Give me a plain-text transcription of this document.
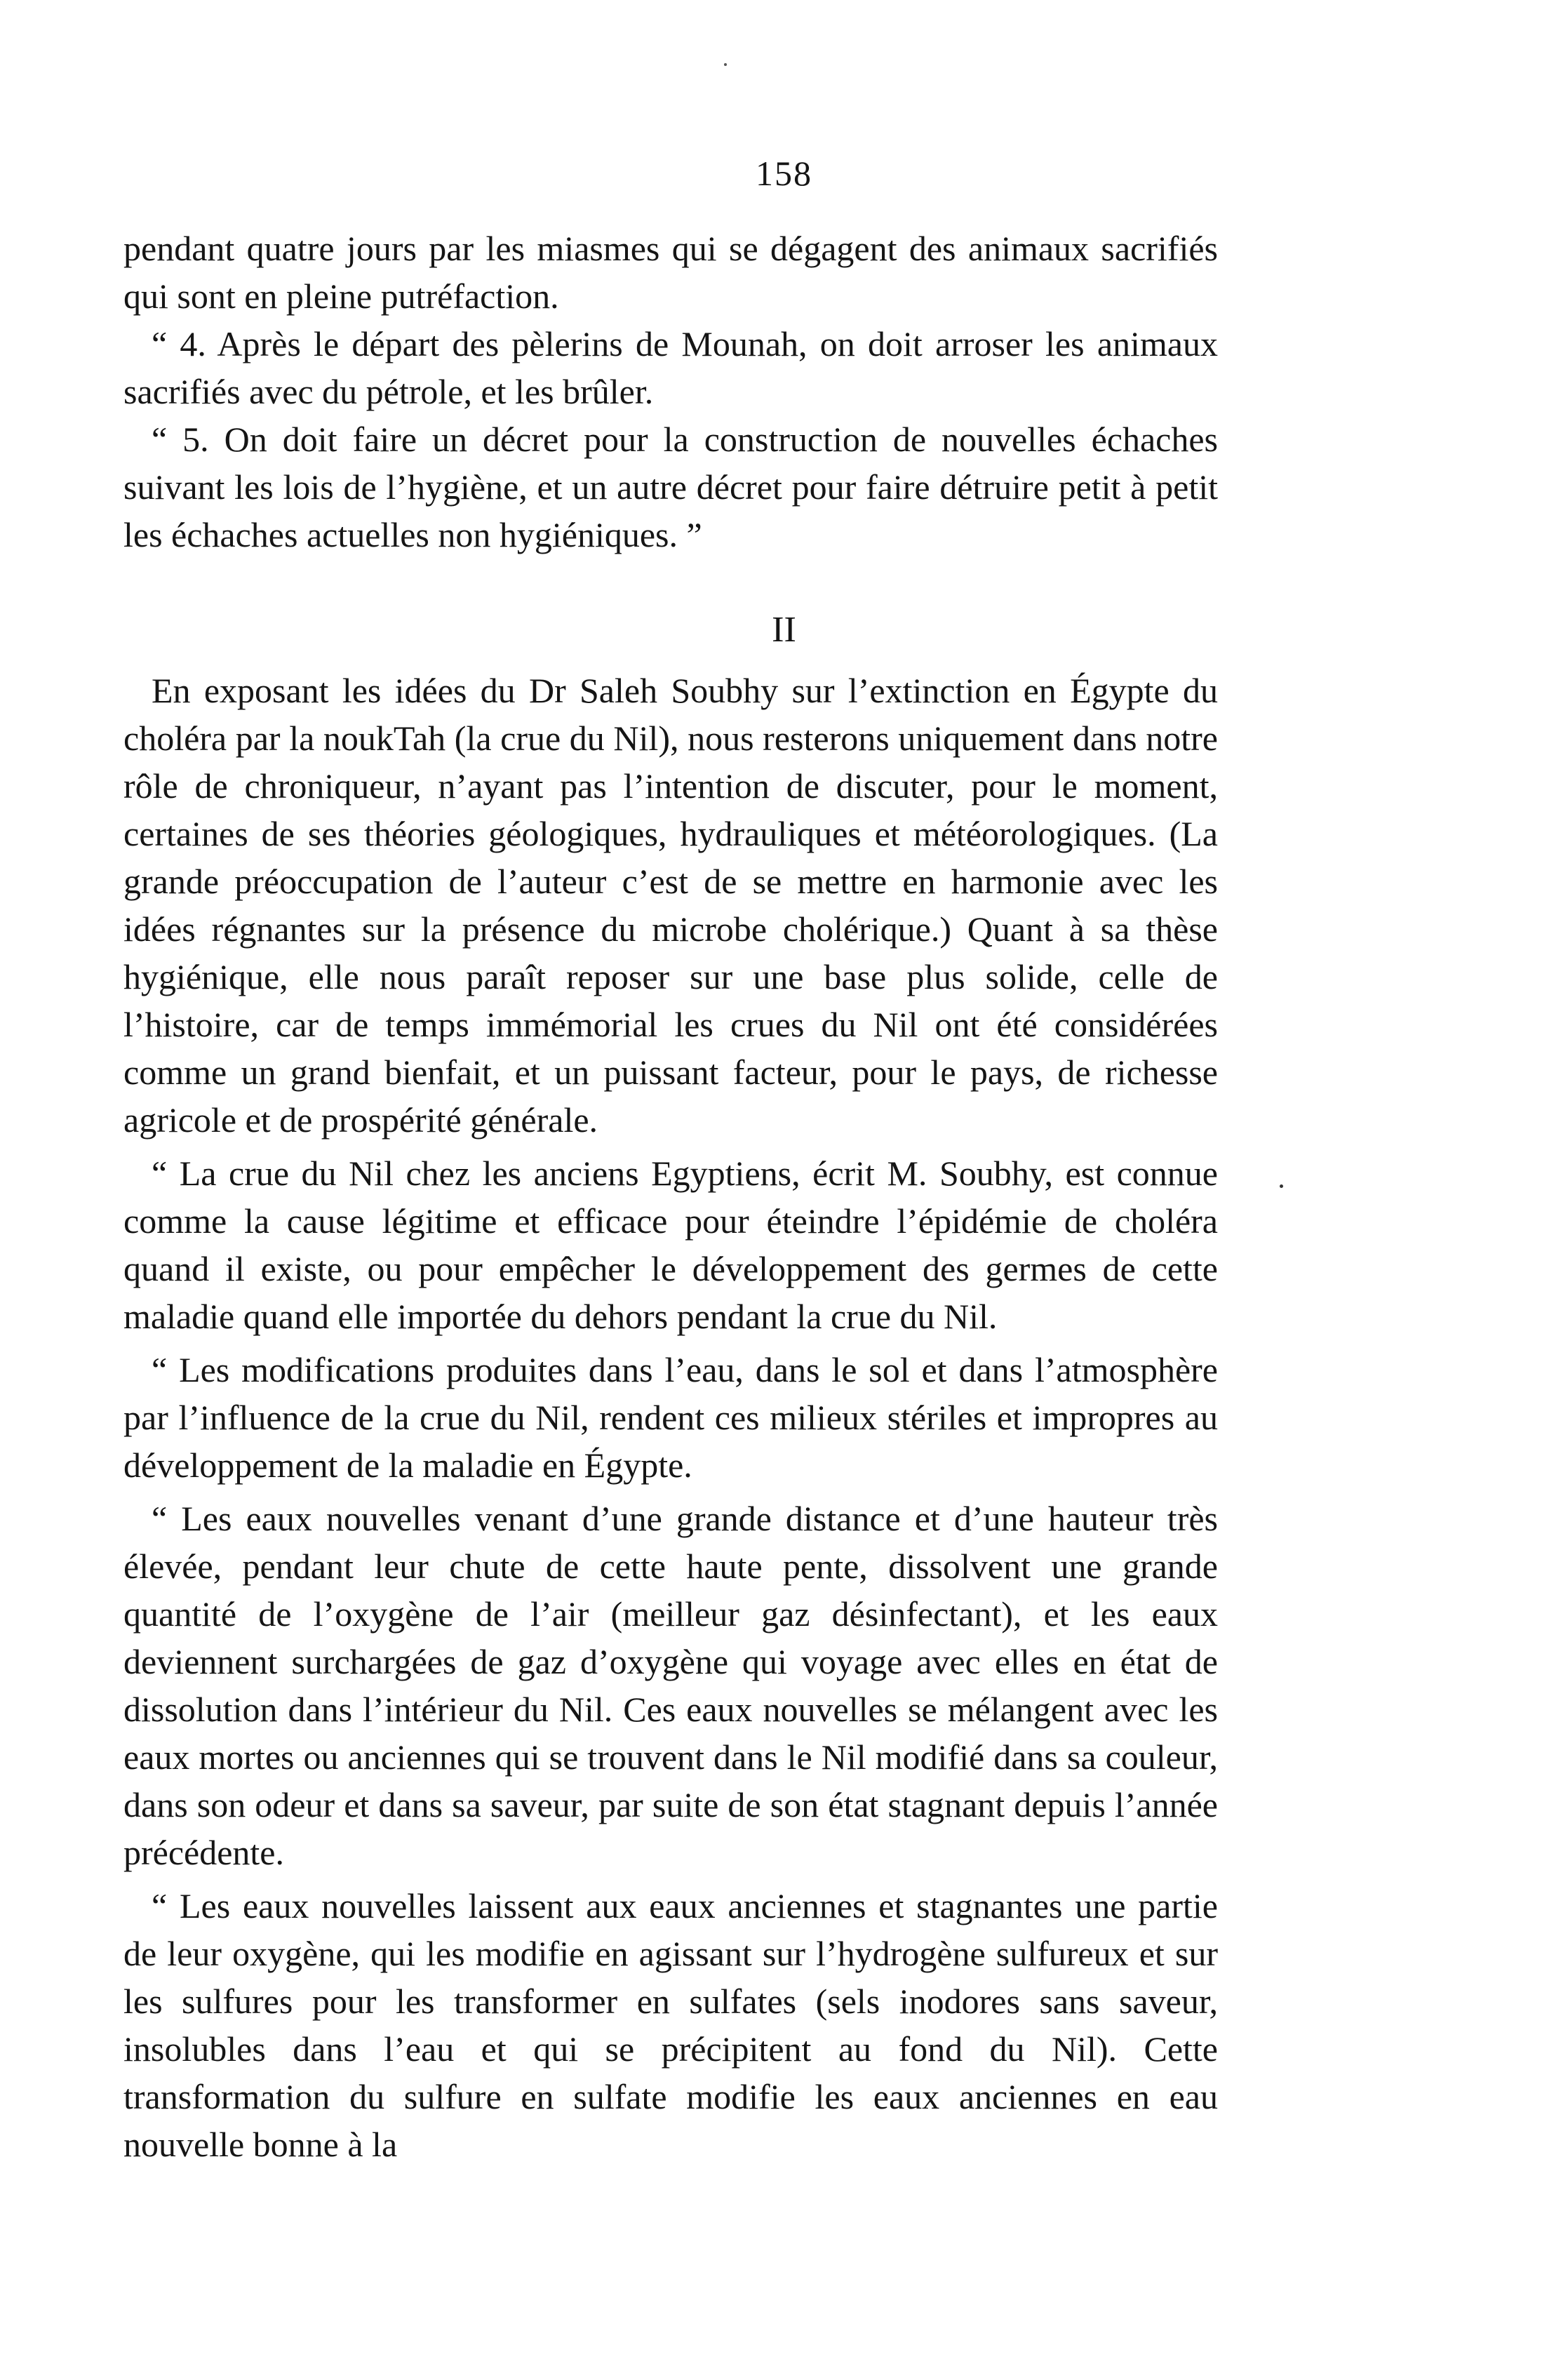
158

pendant quatre jours par les miasmes qui se dégagent des animaux sacrifiés qui sont en pleine putréfaction.

“ 4. Après le départ des pèlerins de Mounah, on doit arroser les animaux sacrifiés avec du pétrole, et les brûler.

“ 5. On doit faire un décret pour la construction de nouvelles échaches suivant les lois de l’hygiène, et un autre décret pour faire détruire petit à petit les échaches actuelles non hygiéniques. ”

II

En exposant les idées du Dr Saleh Soubhy sur l’extinction en Égypte du choléra par la noukTah (la crue du Nil), nous resterons uniquement dans notre rôle de chroniqueur, n’ayant pas l’intention de discuter, pour le moment, certaines de ses théories géologiques, hydrauliques et météorologiques. (La grande préoccupation de l’auteur c’est de se mettre en harmonie avec les idées régnantes sur la présence du microbe cholérique.) Quant à sa thèse hygiénique, elle nous paraît reposer sur une base plus solide, celle de l’histoire, car de temps immémorial les crues du Nil ont été considérées comme un grand bienfait, et un puissant facteur, pour le pays, de richesse agricole et de prospérité générale.

“ La crue du Nil chez les anciens Egyptiens, écrit M. Soubhy, est connue comme la cause légitime et efficace pour éteindre l’épidémie de choléra quand il existe, ou pour empêcher le développement des germes de cette maladie quand elle importée du dehors pendant la crue du Nil.

“ Les modifications produites dans l’eau, dans le sol et dans l’atmosphère par l’influence de la crue du Nil, rendent ces milieux stériles et impropres au développement de la maladie en Égypte.

“ Les eaux nouvelles venant d’une grande distance et d’une hauteur très élevée, pendant leur chute de cette haute pente, dissolvent une grande quantité de l’oxygène de l’air (meilleur gaz désinfectant), et les eaux deviennent surchargées de gaz d’oxygène qui voyage avec elles en état de dissolution dans l’intérieur du Nil. Ces eaux nouvelles se mélangent avec les eaux mortes ou anciennes qui se trouvent dans le Nil modifié dans sa couleur, dans son odeur et dans sa saveur, par suite de son état stagnant depuis l’année précédente.

“ Les eaux nouvelles laissent aux eaux anciennes et stagnantes une partie de leur oxygène, qui les modifie en agissant sur l’hydrogène sulfureux et sur les sulfures pour les transformer en sulfates (sels inodores sans saveur, insolubles dans l’eau et qui se précipitent au fond du Nil). Cette transformation du sulfure en sulfate modifie les eaux anciennes en eau nouvelle bonne à la
